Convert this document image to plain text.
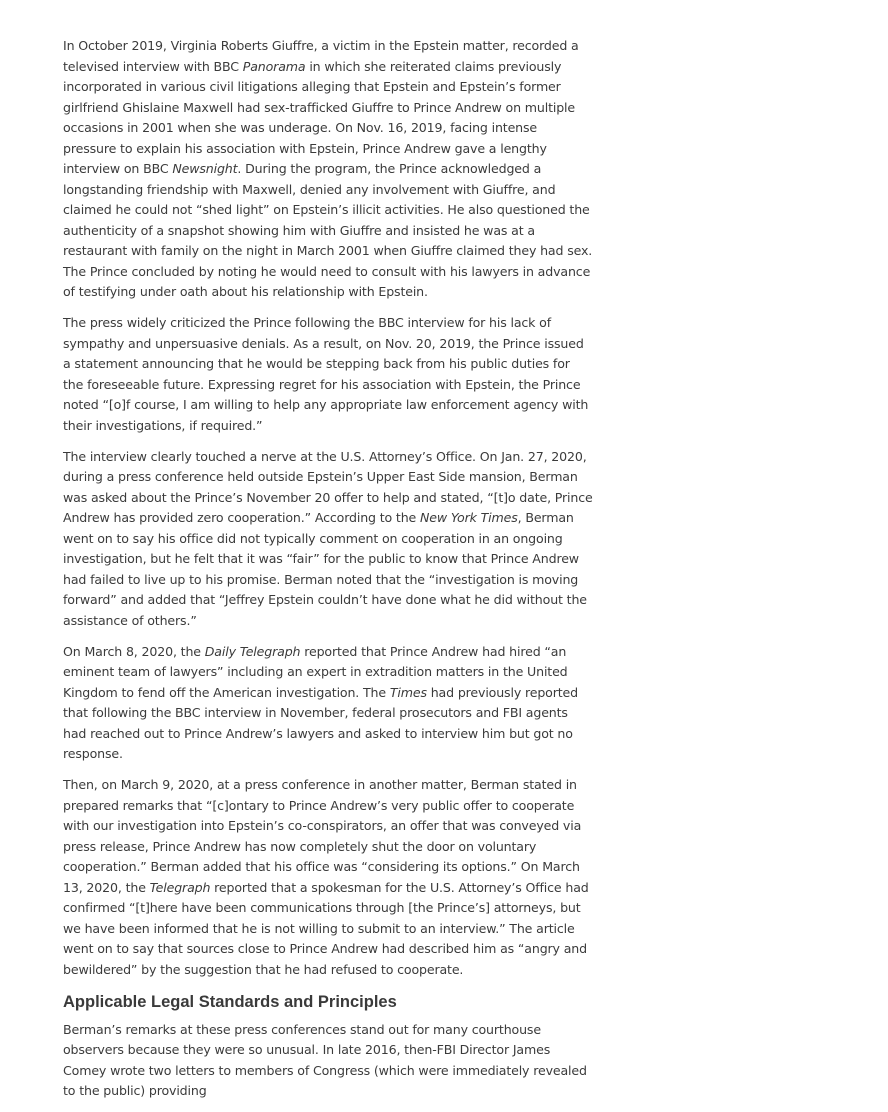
In October 2019, Virginia Roberts Giuffre, a victim in the Epstein matter, recorded a televised interview with BBC Panorama in which she reiterated claims previously incorporated in various civil litigations alleging that Epstein and Epstein’s former girlfriend Ghislaine Maxwell had sex-trafficked Giuffre to Prince Andrew on multiple occasions in 2001 when she was underage. On Nov. 16, 2019, facing intense pressure to explain his association with Epstein, Prince Andrew gave a lengthy interview on BBC Newsnight. During the program, the Prince acknowledged a longstanding friendship with Maxwell, denied any involvement with Giuffre, and claimed he could not “shed light” on Epstein’s illicit activities. He also questioned the authenticity of a snapshot showing him with Giuffre and insisted he was at a restaurant with family on the night in March 2001 when Giuffre claimed they had sex. The Prince concluded by noting he would need to consult with his lawyers in advance of testifying under oath about his relationship with Epstein.

The press widely criticized the Prince following the BBC interview for his lack of sympathy and unpersuasive denials. As a result, on Nov. 20, 2019, the Prince issued a statement announcing that he would be stepping back from his public duties for the foreseeable future. Expressing regret for his association with Epstein, the Prince noted “[o]f course, I am willing to help any appropriate law enforcement agency with their investigations, if required.”

The interview clearly touched a nerve at the U.S. Attorney’s Office. On Jan. 27, 2020, during a press conference held outside Epstein’s Upper East Side mansion, Berman was asked about the Prince’s November 20 offer to help and stated, “[t]o date, Prince Andrew has provided zero cooperation.” According to the New York Times, Berman went on to say his office did not typically comment on cooperation in an ongoing investigation, but he felt that it was “fair” for the public to know that Prince Andrew had failed to live up to his promise. Berman noted that the “investigation is moving forward” and added that “Jeffrey Epstein couldn’t have done what he did without the assistance of others.”

On March 8, 2020, the Daily Telegraph reported that Prince Andrew had hired “an eminent team of lawyers” including an expert in extradition matters in the United Kingdom to fend off the American investigation. The Times had previously reported that following the BBC interview in November, federal prosecutors and FBI agents had reached out to Prince Andrew’s lawyers and asked to interview him but got no response.

Then, on March 9, 2020, at a press conference in another matter, Berman stated in prepared remarks that “[c]ontary to Prince Andrew’s very public offer to cooperate with our investigation into Epstein’s co-conspirators, an offer that was conveyed via press release, Prince Andrew has now completely shut the door on voluntary cooperation.” Berman added that his office was “considering its options.” On March 13, 2020, the Telegraph reported that a spokesman for the U.S. Attorney’s Office had confirmed “[t]here have been communications through [the Prince’s] attorneys, but we have been informed that he is not willing to submit to an interview.” The article went on to say that sources close to Prince Andrew had described him as “angry and bewildered” by the suggestion that he had refused to cooperate.

Applicable Legal Standards and Principles

Berman’s remarks at these press conferences stand out for many courthouse observers because they were so unusual. In late 2016, then-FBI Director James Comey wrote two letters to members of Congress (which were immediately revealed to the public) providing
